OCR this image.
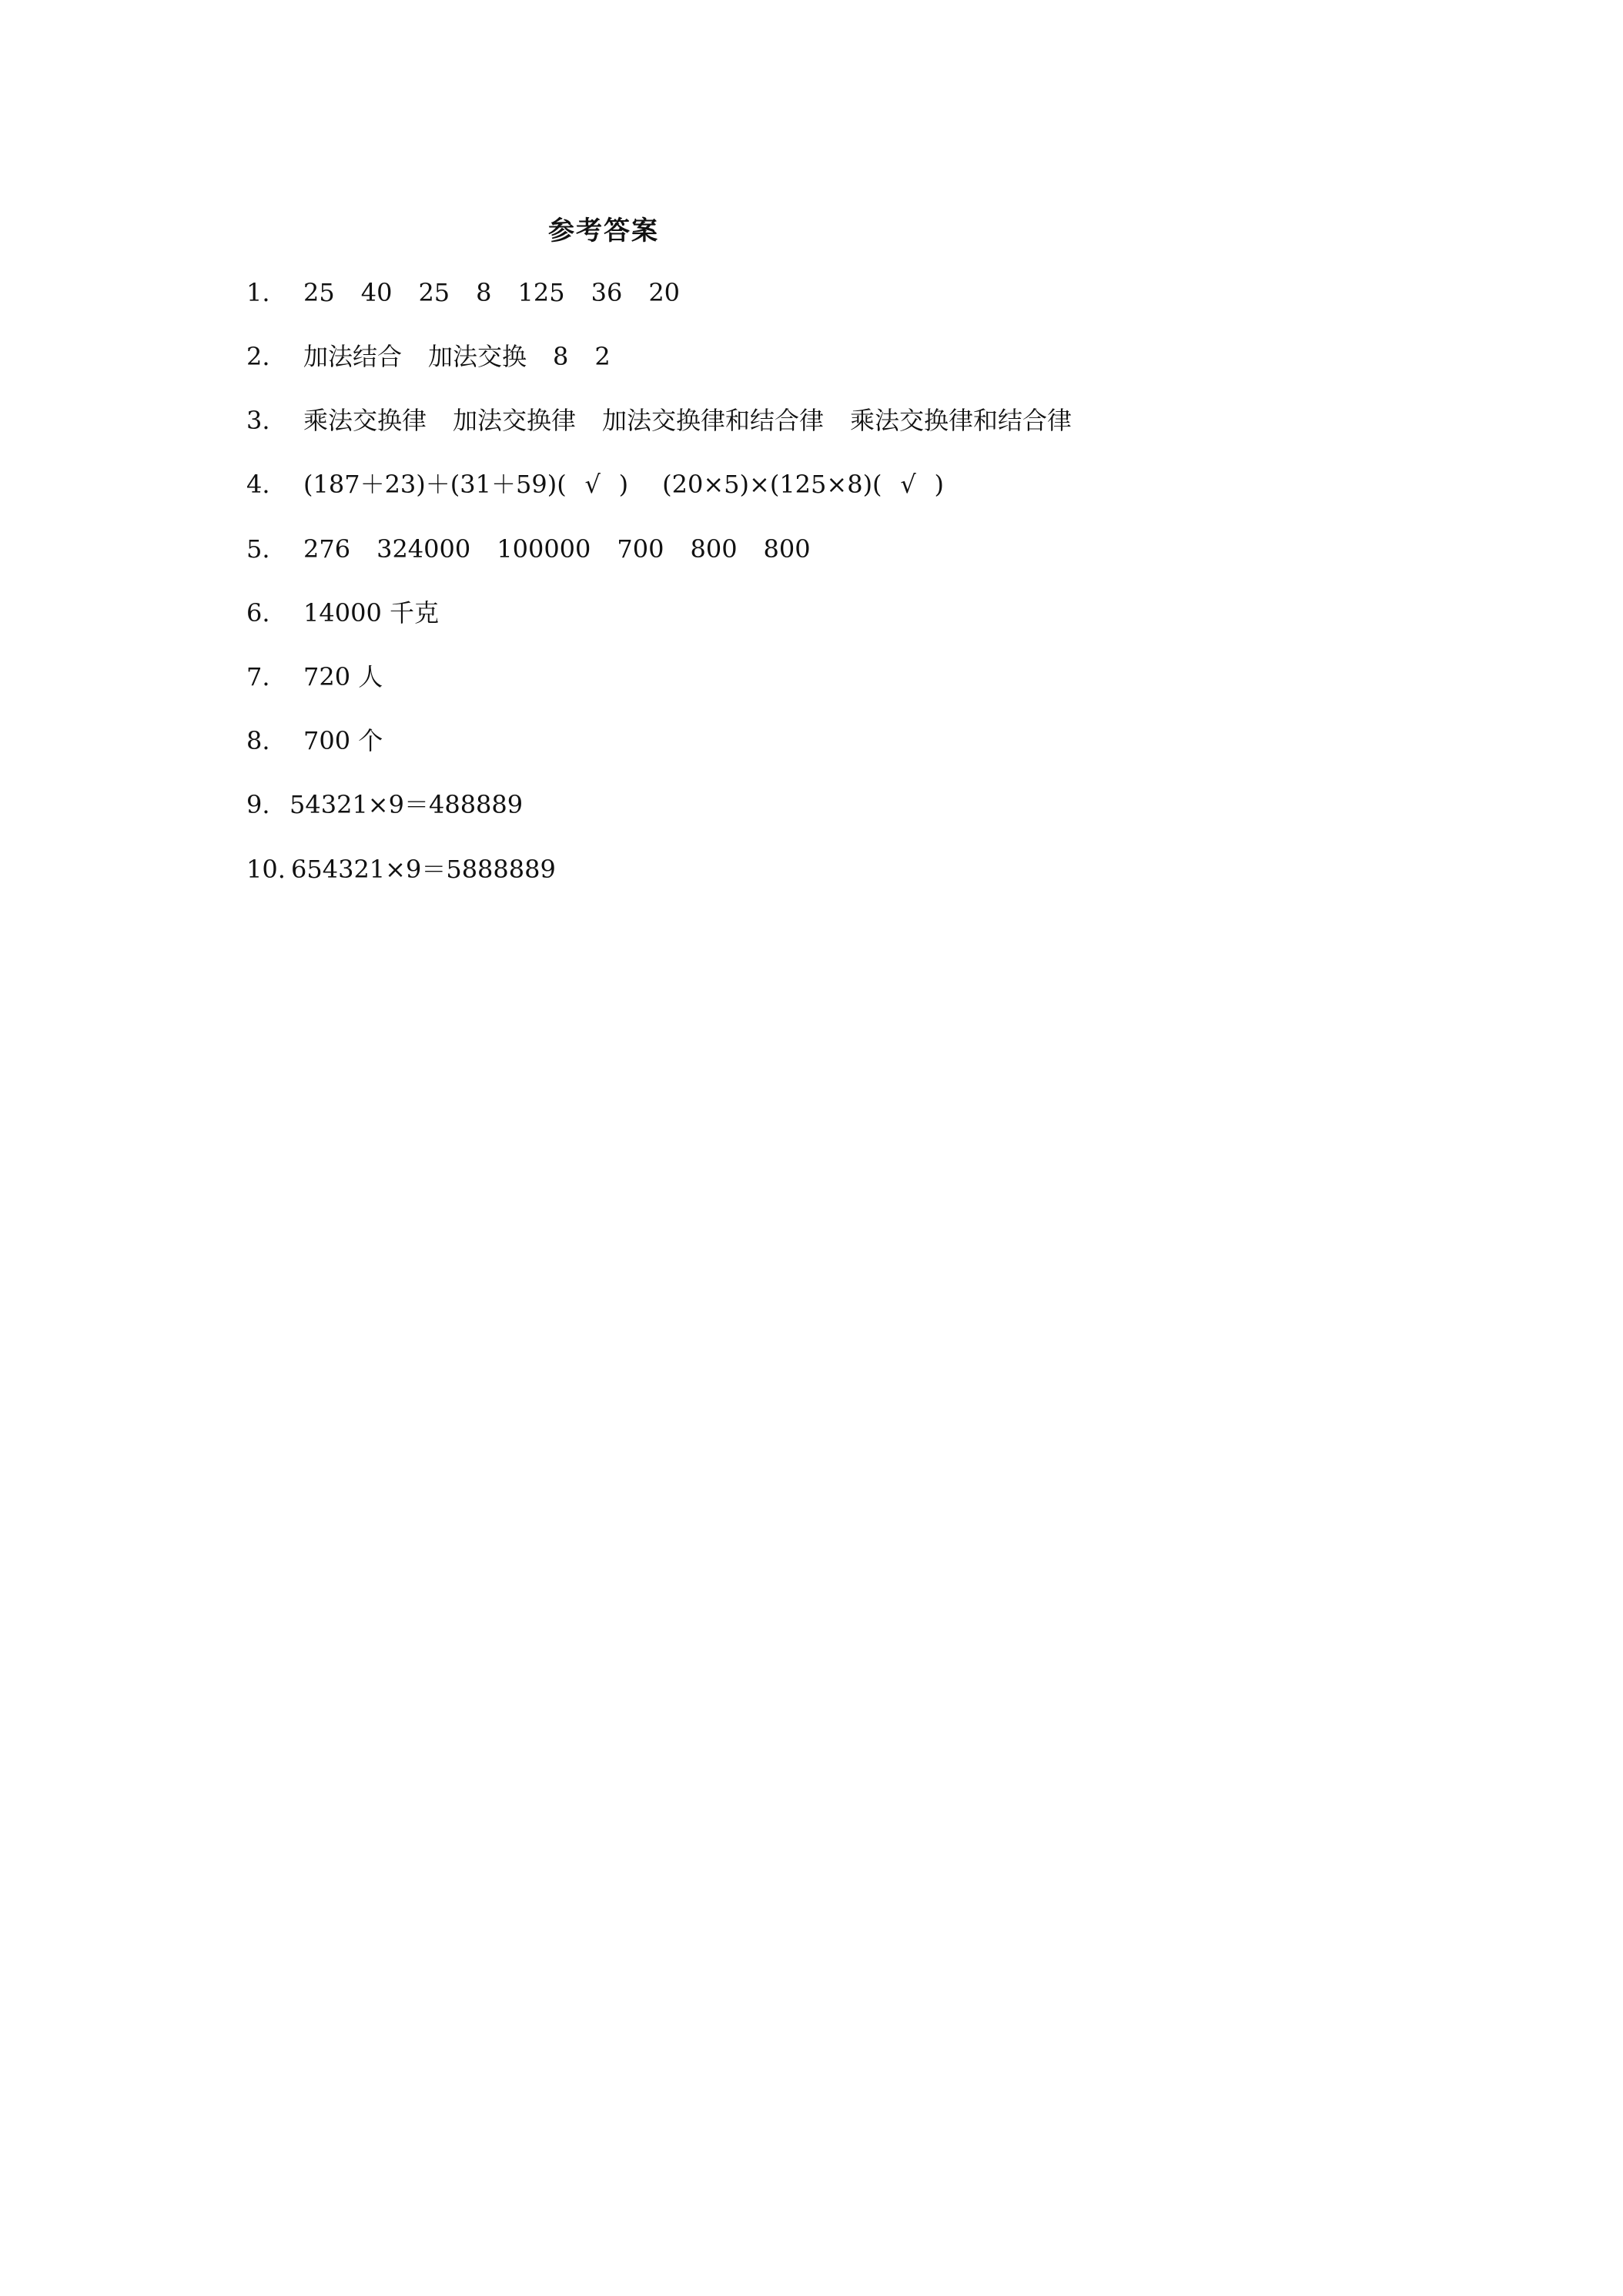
参考答案
1. 25 40 25 8 125 36 20
2. 加法结合 加法交换 8 2
3. 乘法交换律 加法交换律 加法交换律和结合律 乘法交换律和结合律
4. (187＋23)＋(31＋59)( √ ) (20×5)×(125×8)( √ )
5. 276 324000 100000 700 800 800
6. 14000 千克
7. 720 人
8. 700 个
9. 54321×9＝488889
10. 654321×9＝5888889
